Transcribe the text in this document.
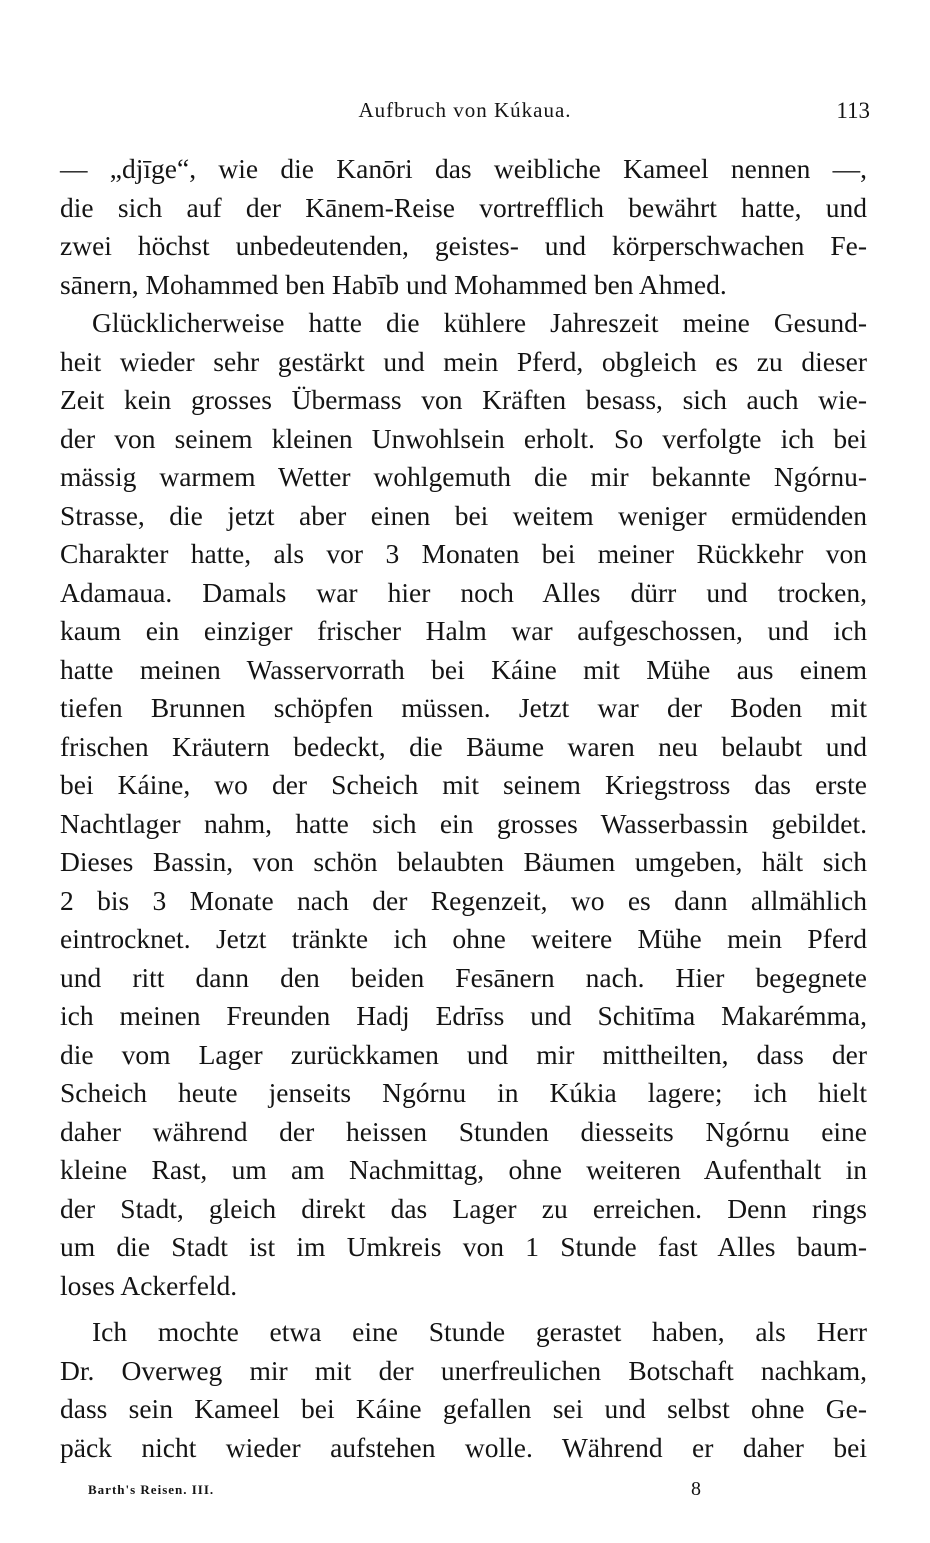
Aufbruch von Kúkaua.	113
— „djīge“, wie die Kanōri das weibliche Kameel nennen —,
die sich auf der Kānem-Reise vortrefflich bewährt hatte, und
zwei höchst unbedeutenden, geistes- und körperschwachen Fe-
sānern, Mohammed ben Habīb und Mohammed ben Ahmed.
Glücklicherweise hatte die kühlere Jahreszeit meine Gesund-
heit wieder sehr gestärkt und mein Pferd, obgleich es zu dieser
Zeit kein grosses Übermass von Kräften besass, sich auch wie-
der von seinem kleinen Unwohlsein erholt. So verfolgte ich bei
mässig warmem Wetter wohlgemuth die mir bekannte Ngórnu-
Strasse, die jetzt aber einen bei weitem weniger ermüdenden
Charakter hatte, als vor 3 Monaten bei meiner Rückkehr von
Adamaua. Damals war hier noch Alles dürr und trocken,
kaum ein einziger frischer Halm war aufgeschossen, und ich
hatte meinen Wasservorrath bei Káine mit Mühe aus einem
tiefen Brunnen schöpfen müssen. Jetzt war der Boden mit
frischen Kräutern bedeckt, die Bäume waren neu belaubt und
bei Káine, wo der Scheich mit seinem Kriegstross das erste
Nachtlager nahm, hatte sich ein grosses Wasserbassin gebildet.
Dieses Bassin, von schön belaubten Bäumen umgeben, hält sich
2 bis 3 Monate nach der Regenzeit, wo es dann allmählich
eintrocknet. Jetzt tränkte ich ohne weitere Mühe mein Pferd
und ritt dann den beiden Fesānern nach. Hier begegnete
ich meinen Freunden Hadj Edrīss und Schitīma Makarémma,
die vom Lager zurückkamen und mir mittheilten, dass der
Scheich heute jenseits Ngórnu in Kúkia lagere; ich hielt
daher während der heissen Stunden diesseits Ngórnu eine
kleine Rast, um am Nachmittag, ohne weiteren Aufenthalt in
der Stadt, gleich direkt das Lager zu erreichen. Denn rings
um die Stadt ist im Umkreis von 1 Stunde fast Alles baum-
loses Ackerfeld.
Ich mochte etwa eine Stunde gerastet haben, als Herr
Dr. Overweg mir mit der unerfreulichen Botschaft nachkam,
dass sein Kameel bei Káine gefallen sei und selbst ohne Ge-
päck nicht wieder aufstehen wolle. Während er daher bei
Barth's Reisen. III.	8
